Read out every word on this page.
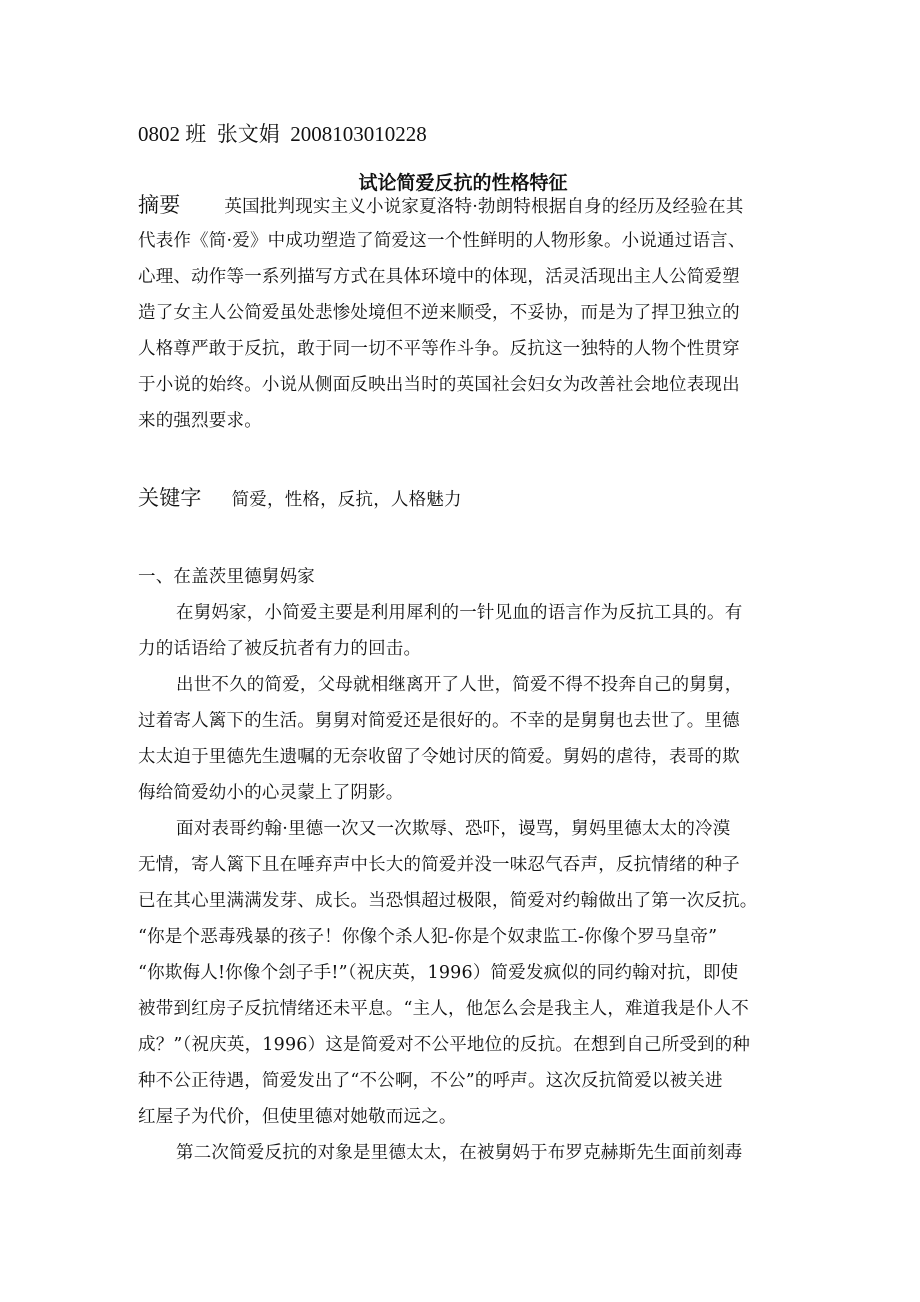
0802 班 张文娟 2008103010228
试论简爱反抗的性格特征
摘要	英国批判现实主义小说家夏洛特·勃朗特根据自身的经历及经验在其
代表作《简·爱》中成功塑造了简爱这一个性鲜明的人物形象。小说通过语言、
心理、动作等一系列描写方式在具体环境中的体现，活灵活现出主人公简爱塑
造了女主人公简爱虽处悲惨处境但不逆来顺受，不妥协，而是为了捍卫独立的
人格尊严敢于反抗，敢于同一切不平等作斗争。反抗这一独特的人物个性贯穿
于小说的始终。小说从侧面反映出当时的英国社会妇女为改善社会地位表现出
来的强烈要求。
关键字 简爱，性格，反抗，人格魅力
一、在盖茨里德舅妈家
在舅妈家，小简爱主要是利用犀利的一针见血的语言作为反抗工具的。有
力的话语给了被反抗者有力的回击。
出世不久的简爱，父母就相继离开了人世，简爱不得不投奔自己的舅舅，
过着寄人篱下的生活。舅舅对简爱还是很好的。不幸的是舅舅也去世了。里德
太太迫于里德先生遗嘱的无奈收留了令她讨厌的简爱。舅妈的虐待，表哥的欺
侮给简爱幼小的心灵蒙上了阴影。
面对表哥约翰·里德一次又一次欺辱、恐吓，谩骂，舅妈里德太太的冷漠
无情，寄人篱下且在唾弃声中长大的简爱并没一味忍气吞声，反抗情绪的种子
已在其心里满满发芽、成长。当恐惧超过极限，简爱对约翰做出了第一次反抗。
“你是个恶毒残暴的孩子！你像个杀人犯-你是个奴隶监工-你像个罗马皇帝”
“你欺侮人!你像个刽子手!”（祝庆英，1996）简爱发疯似的同约翰对抗，即使
被带到红房子反抗情绪还未平息。“主人，他怎么会是我主人，难道我是仆人不
成？”（祝庆英，1996）这是简爱对不公平地位的反抗。在想到自己所受到的种
种不公正待遇，简爱发出了“不公啊，不公”的呼声。这次反抗简爱以被关进
红屋子为代价，但使里德对她敬而远之。
第二次简爱反抗的对象是里德太太，在被舅妈于布罗克赫斯先生面前刻毒
